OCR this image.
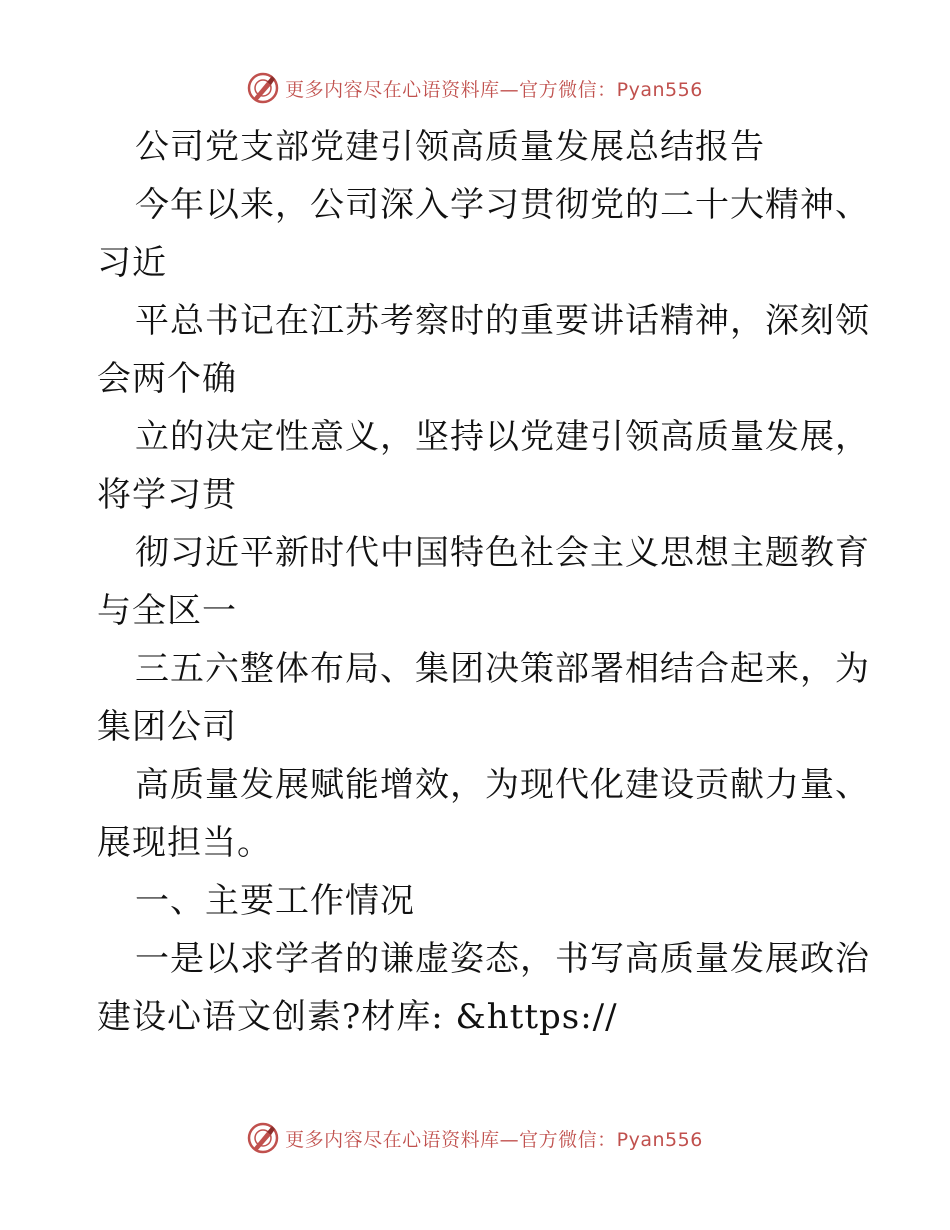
更多内容尽在心语资料库—官方微信：Pyan556
公司党支部党建引领高质量发展总结报告
今年以来，公司深入学习贯彻党的二十大精神、
习近
平总书记在江苏考察时的重要讲话精神，深刻领
会两个确
立的决定性意义，坚持以党建引领高质量发展，
将学习贯
彻习近平新时代中国特色社会主义思想主题教育
与全区一
三五六整体布局、集团决策部署相结合起来，为
集团公司
高质量发展赋能增效，为现代化建设贡献力量、
展现担当。
一、主要工作情况
一是以求学者的谦虚姿态，书写高质量发展政治
建设心语文创素?材库: &https://
更多内容尽在心语资料库—官方微信：Pyan556
